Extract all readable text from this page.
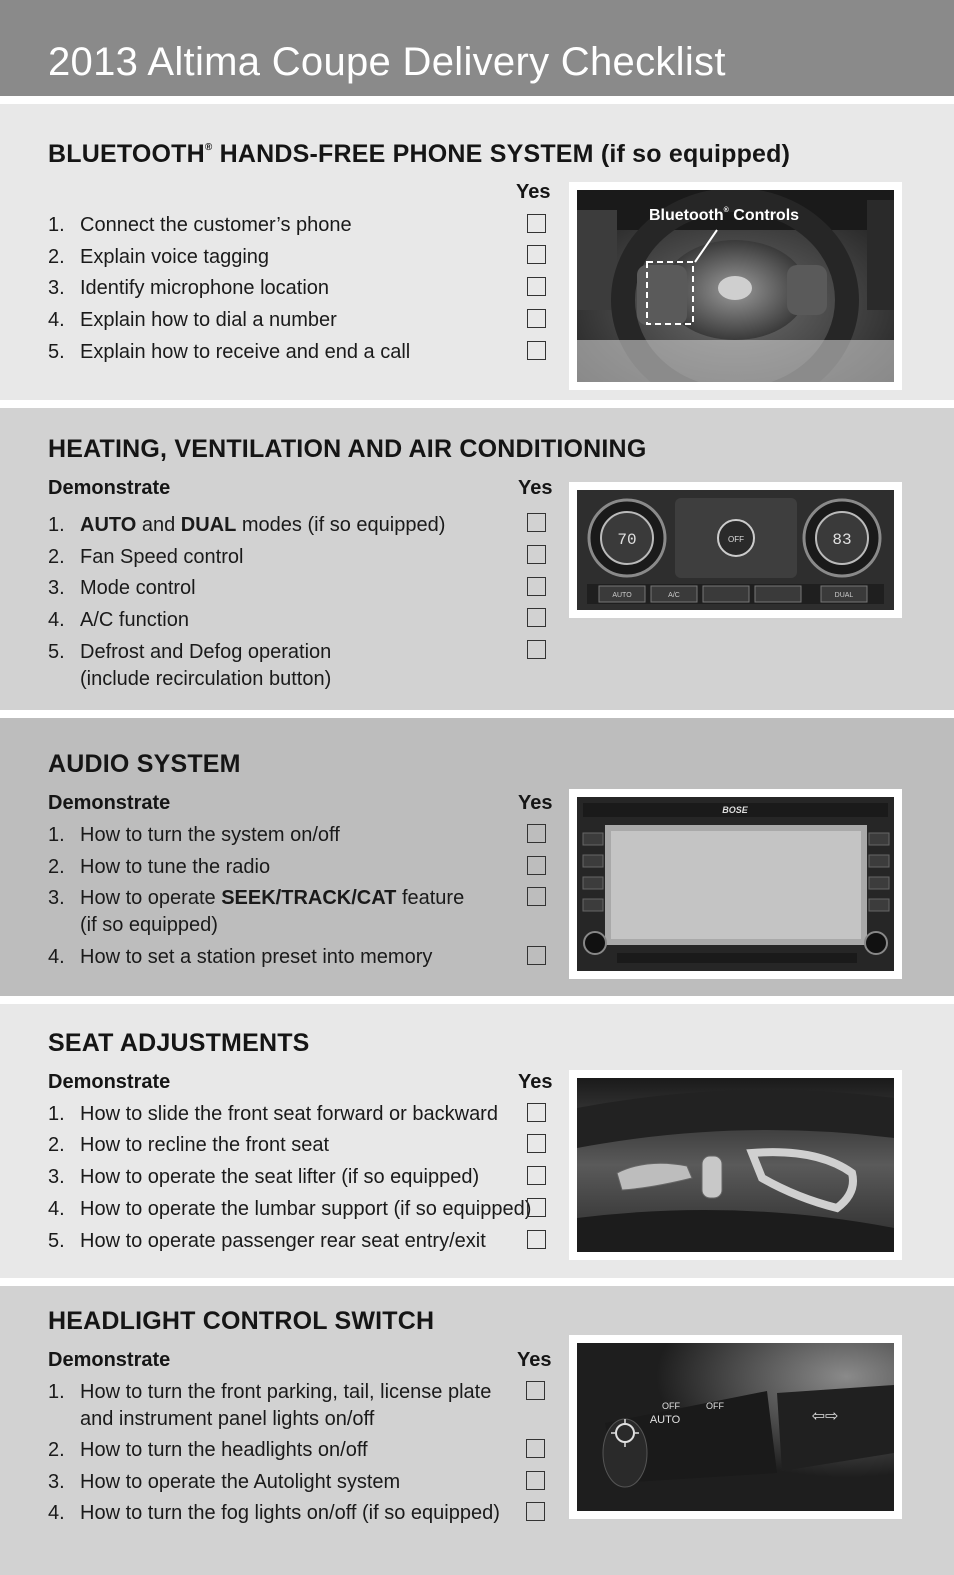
2013 Altima Coupe Delivery Checklist
BLUETOOTH® HANDS-FREE PHONE SYSTEM (if so equipped)
Yes
1. Connect the customer’s phone
2. Explain voice tagging
3. Identify microphone location
4. Explain how to dial a number
5. Explain how to receive and end a call
Bluetooth® Controls
HEATING, VENTILATION AND AIR CONDITIONING
Demonstrate	Yes
1. AUTO and DUAL modes (if so equipped)
2. Fan Speed control
3. Mode control
4. A/C function
5. Defrost and Defog operation
(include recirculation button)
70	83
OFF
AUTO	A/C	DUAL
AUDIO SYSTEM
Demonstrate	Yes
1. How to turn the system on/off
2. How to tune the radio
3. How to operate SEEK/TRACK/CAT feature
(if so equipped)
4. How to set a station preset into memory
BOSE
SEAT ADJUSTMENTS
Demonstrate	Yes
1. How to slide the front seat forward or backward
2. How to recline the front seat
3. How to operate the seat lifter (if so equipped)
4. How to operate the lumbar support (if so equipped)
5. How to operate passenger rear seat entry/exit
HEADLIGHT CONTROL SWITCH
Demonstrate	Yes
1. How to turn the front parking, tail, license plate
and instrument panel lights on/off
2. How to turn the headlights on/off
3. How to operate the Autolight system
4. How to turn the fog lights on/off (if so equipped)
OFF
AUTO
OFF	⇦⇨
